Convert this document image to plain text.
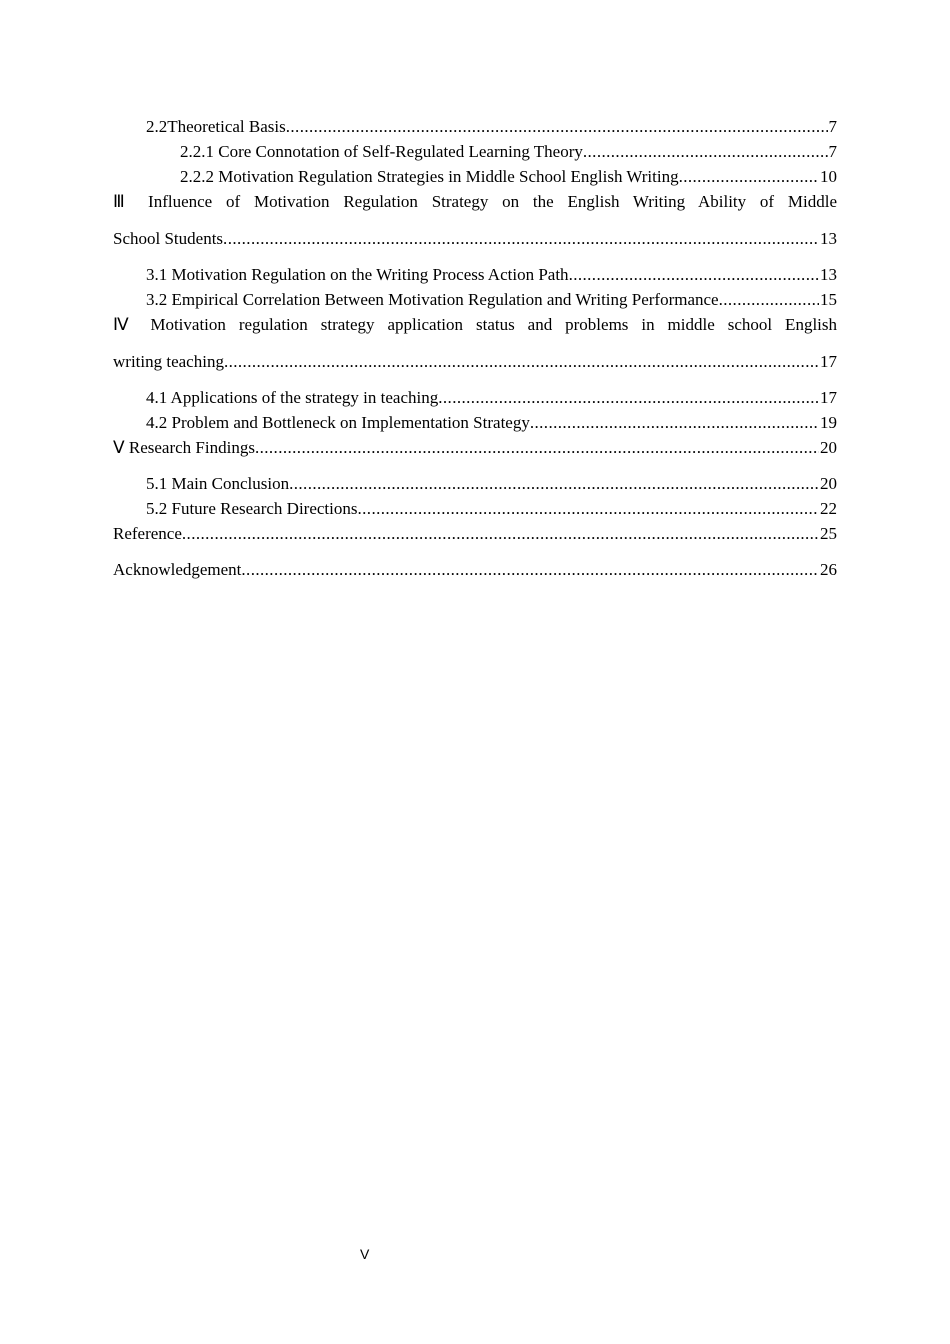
2.2Theoretical Basis .....	7
2.2.1 Core Connotation of Self-Regulated Learning Theory .....	7
2.2.2 Motivation Regulation Strategies in Middle School English Writing .....	10
Ⅲ Influence of Motivation Regulation Strategy on the English Writing Ability of Middle
School Students .....	13
3.1 Motivation Regulation on the Writing Process Action Path .....	13
3.2 Empirical Correlation Between Motivation Regulation and Writing Performance .....	15
Ⅳ Motivation regulation strategy application status and problems in middle school English
writing teaching .....	17
4.1 Applications of the strategy in teaching .....	17
4.2 Problem and Bottleneck on Implementation Strategy .....	19
Ⅴ Research Findings .....	20
5.1 Main Conclusion .....	20
5.2 Future Research Directions .....	22
Reference .....	25
Acknowledgement .....	26
V
